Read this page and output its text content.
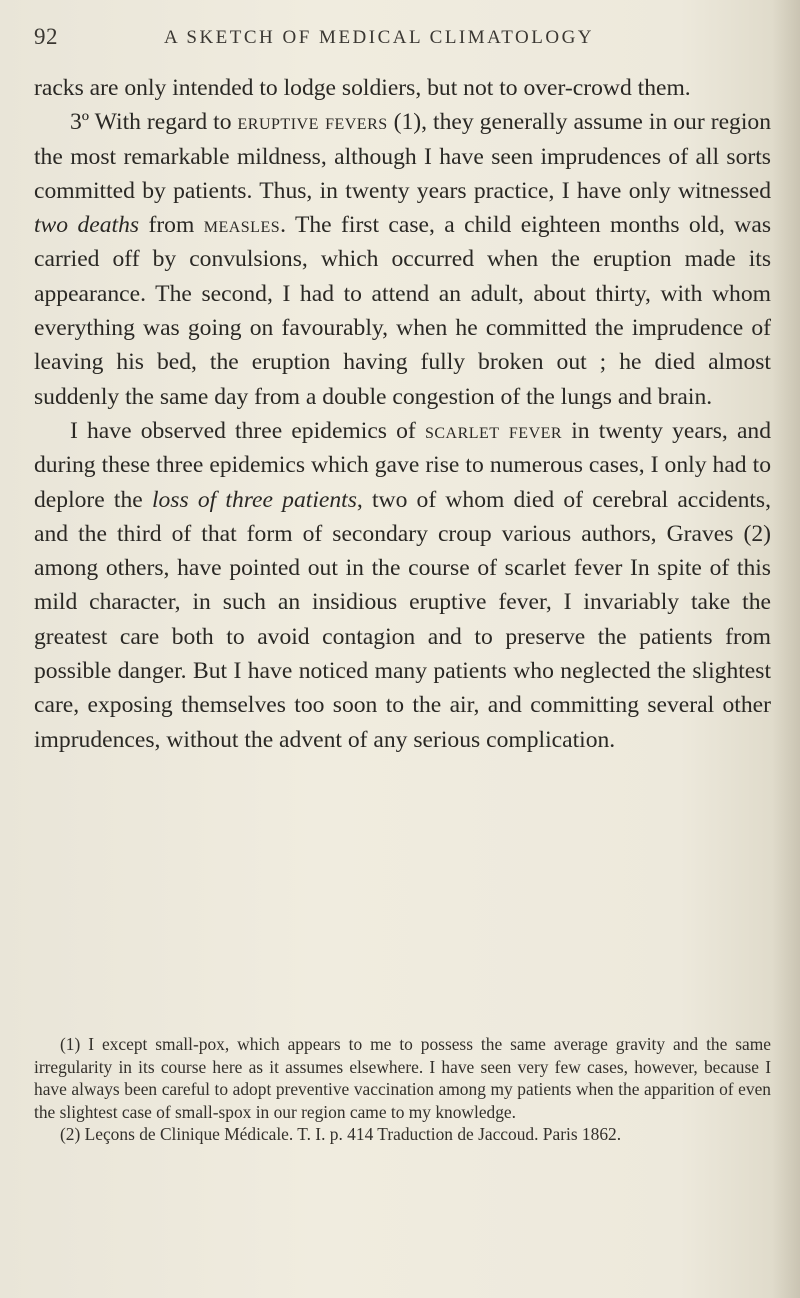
92	A SKETCH OF MEDICAL CLIMATOLOGY

racks are only intended to lodge soldiers, but not to over-crowd them.

3º With regard to eruptive fevers (1), they generally assume in our region the most remarkable mildness, although I have seen imprudences of all sorts committed by patients. Thus, in twenty years practice, I have only witnessed two deaths from measles. The first case, a child eighteen months old, was carried off by convulsions, which occurred when the eruption made its appearance. The second, I had to attend an adult, about thirty, with whom everything was going on favourably, when he committed the imprudence of leaving his bed, the eruption having fully broken out ; he died almost suddenly the same day from a double congestion of the lungs and brain.

I have observed three epidemics of scarlet fever in twenty years, and during these three epidemics which gave rise to numerous cases, I only had to deplore the loss of three patients, two of whom died of cerebral accidents, and the third of that form of secondary croup various authors, Graves (2) among others, have pointed out in the course of scarlet fever In spite of this mild character, in such an insidious eruptive fever, I invariably take the greatest care both to avoid contagion and to preserve the patients from possible danger. But I have noticed many patients who neglected the slightest care, exposing themselves too soon to the air, and committing several other imprudences, without the advent of any serious complication.

(1) I except small-pox, which appears to me to possess the same average gravity and the same irregularity in its course here as it assumes elsewhere. I have seen very few cases, however, because I have always been careful to adopt preventive vaccination among my patients when the apparition of even the slightest case of small-spox in our region came to my knowledge.

(2) Leçons de Clinique Médicale. T. I. p. 414 Traduction de Jaccoud. Paris 1862.
